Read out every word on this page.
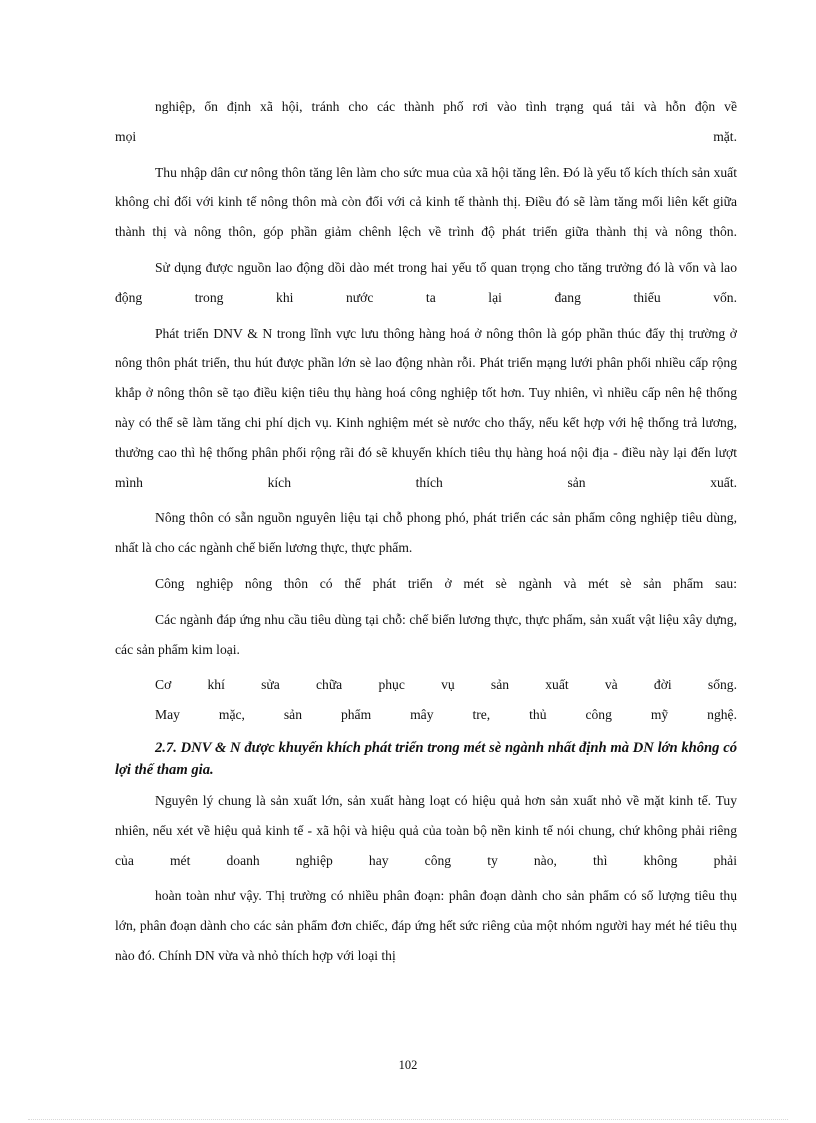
nghiệp, ổn định xã hội, tránh cho các thành phố rơi vào tình trạng quá tải và hỗn độn về

mọi mặt.

Thu nhập dân cư nông thôn tăng lên làm cho sức mua của xã hội tăng lên. Đó là yếu tố kích thích sản xuất không chỉ đối với kinh tế nông thôn mà còn đối với cả kinh tế thành thị. Điều đó sẽ làm tăng mối liên kết giữa thành thị và nông thôn, góp phần giảm chênh lệch về trình độ phát triển giữa thành thị và nông thôn.

Sử dụng được nguồn lao động dồi dào mét trong hai yếu tố quan trọng cho tăng trưởng đó là vốn và lao động trong khi nước ta lại đang thiếu vốn.

Phát triển DNV & N trong lĩnh vực lưu thông hàng hoá ở nông thôn là góp phần thúc đẩy thị trường ở nông thôn phát triển, thu hút được phần lớn sè lao động nhàn rỗi. Phát triển mạng lưới phân phối nhiều cấp rộng khắp ở nông thôn sẽ tạo điều kiện tiêu thụ hàng hoá công nghiệp tốt hơn. Tuy nhiên, vì nhiều cấp nên hệ thống này có thể sẽ làm tăng chi phí dịch vụ. Kinh nghiệm mét sè nước cho thấy, nếu kết hợp với hệ thống trả lương, thưởng cao thì hệ thống phân phối rộng rãi đó sẽ khuyến khích tiêu thụ hàng hoá nội địa - điều này lại đến lượt mình kích thích sản xuất.

Nông thôn có sẵn nguồn nguyên liệu tại chỗ phong phó, phát triển các sản phẩm công nghiệp tiêu dùng, nhất là cho các ngành chế biến lương thực, thực phẩm.

Công nghiệp nông thôn có thể phát triển ở mét sè ngành và mét sè sản phẩm sau:

Các ngành đáp ứng nhu cầu tiêu dùng tại chỗ: chế biến lương thực, thực phẩm, sản xuất vật liệu xây dựng, các sản phẩm kim loại.

Cơ khí sửa chữa phục vụ sản xuất và đời sống.

May mặc, sản phẩm mây tre, thủ công mỹ nghệ.

2.7. DNV & N được khuyến khích phát triển trong mét sè ngành nhất định mà DN lớn không có lợi thế tham gia.

Nguyên lý chung là sản xuất lớn, sản xuất hàng loạt có hiệu quả hơn sản xuất nhỏ về mặt kinh tế. Tuy nhiên, nếu xét về hiệu quả kinh tế - xã hội và hiệu quả của toàn bộ nền kinh tế nói chung, chứ không phải riêng của mét doanh nghiệp hay công ty nào, thì không phải

hoàn toàn như vậy. Thị trường có nhiều phân đoạn: phân đoạn dành cho sản phẩm có số lượng tiêu thụ lớn, phân đoạn dành cho các sản phẩm đơn chiếc, đáp ứng hết sức riêng của một nhóm người hay mét hé tiêu thụ nào đó. Chính DN vừa và nhỏ thích hợp với loại thị

102
